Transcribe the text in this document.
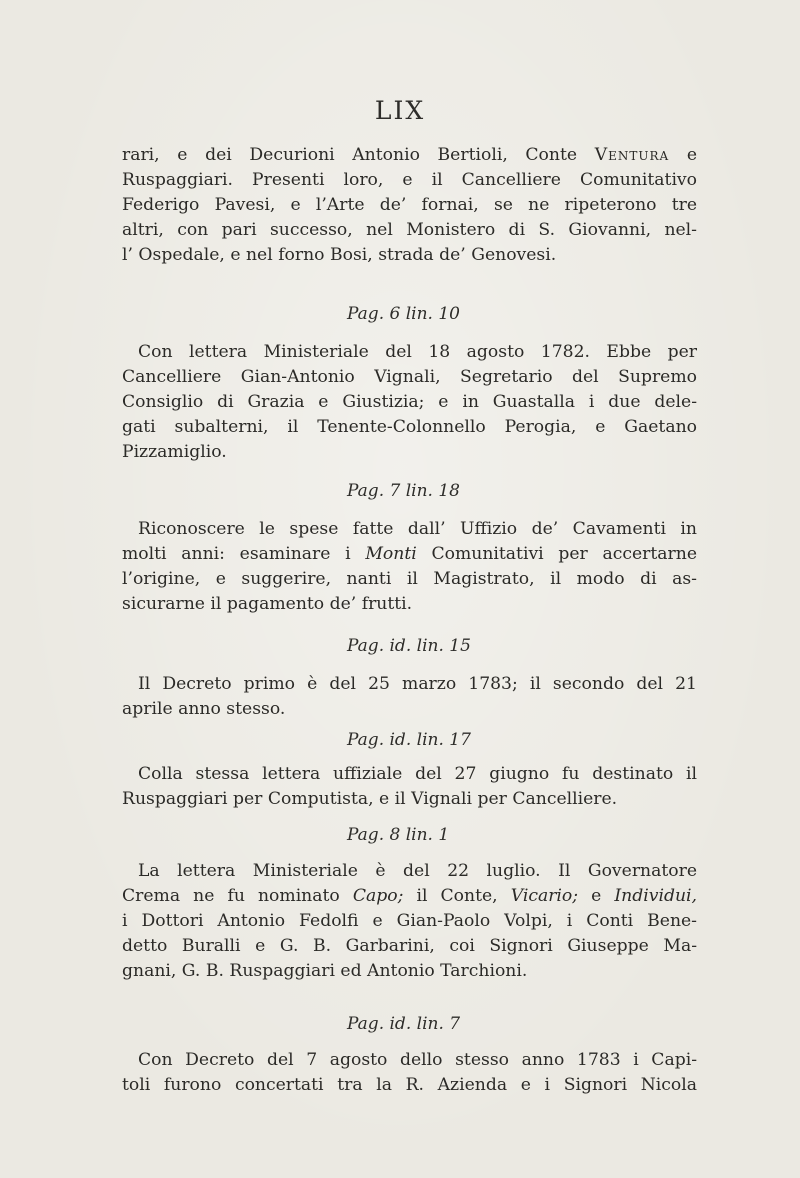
LIX

rari, e dei Decurioni Antonio Bertioli, Conte Ventura e
Ruspaggiari. Presenti loro, e il Cancelliere Comunitativo
Federigo Pavesi, e l’Arte de’ fornai, se ne ripeterono tre
altri, con pari successo, nel Monistero di S. Giovanni, nel-
l’ Ospedale, e nel forno Bosi, strada de’ Genovesi.

Pag. 6 lin. 10

Con lettera Ministeriale del 18 agosto 1782. Ebbe per
Cancelliere Gian-Antonio Vignali, Segretario del Supremo
Consiglio di Grazia e Giustizia; e in Guastalla i due dele-
gati subalterni, il Tenente-Colonnello Perogia, e Gaetano
Pizzamiglio.

Pag. 7 lin. 18

Riconoscere le spese fatte dall’ Uffizio de’ Cavamenti in
molti anni: esaminare i Monti Comunitativi per accertarne
l’origine, e suggerire, nanti il Magistrato, il modo di as-
sicurarne il pagamento de’ frutti.

Pag. id. lin. 15

Il Decreto primo è del 25 marzo 1783; il secondo del 21
aprile anno stesso.

Pag. id. lin. 17

Colla stessa lettera uffiziale del 27 giugno fu destinato il
Ruspaggiari per Computista, e il Vignali per Cancelliere.

Pag. 8 lin. 1

La lettera Ministeriale è del 22 luglio. Il Governatore
Crema ne fu nominato Capo; il Conte, Vicario; e Individui,
i Dottori Antonio Fedolfi e Gian-Paolo Volpi, i Conti Bene-
detto Buralli e G. B. Garbarini, coi Signori Giuseppe Ma-
gnani, G. B. Ruspaggiari ed Antonio Tarchioni.

Pag. id. lin. 7

Con Decreto del 7 agosto dello stesso anno 1783 i Capi-
toli furono concertati tra la R. Azienda e i Signori Nicola
